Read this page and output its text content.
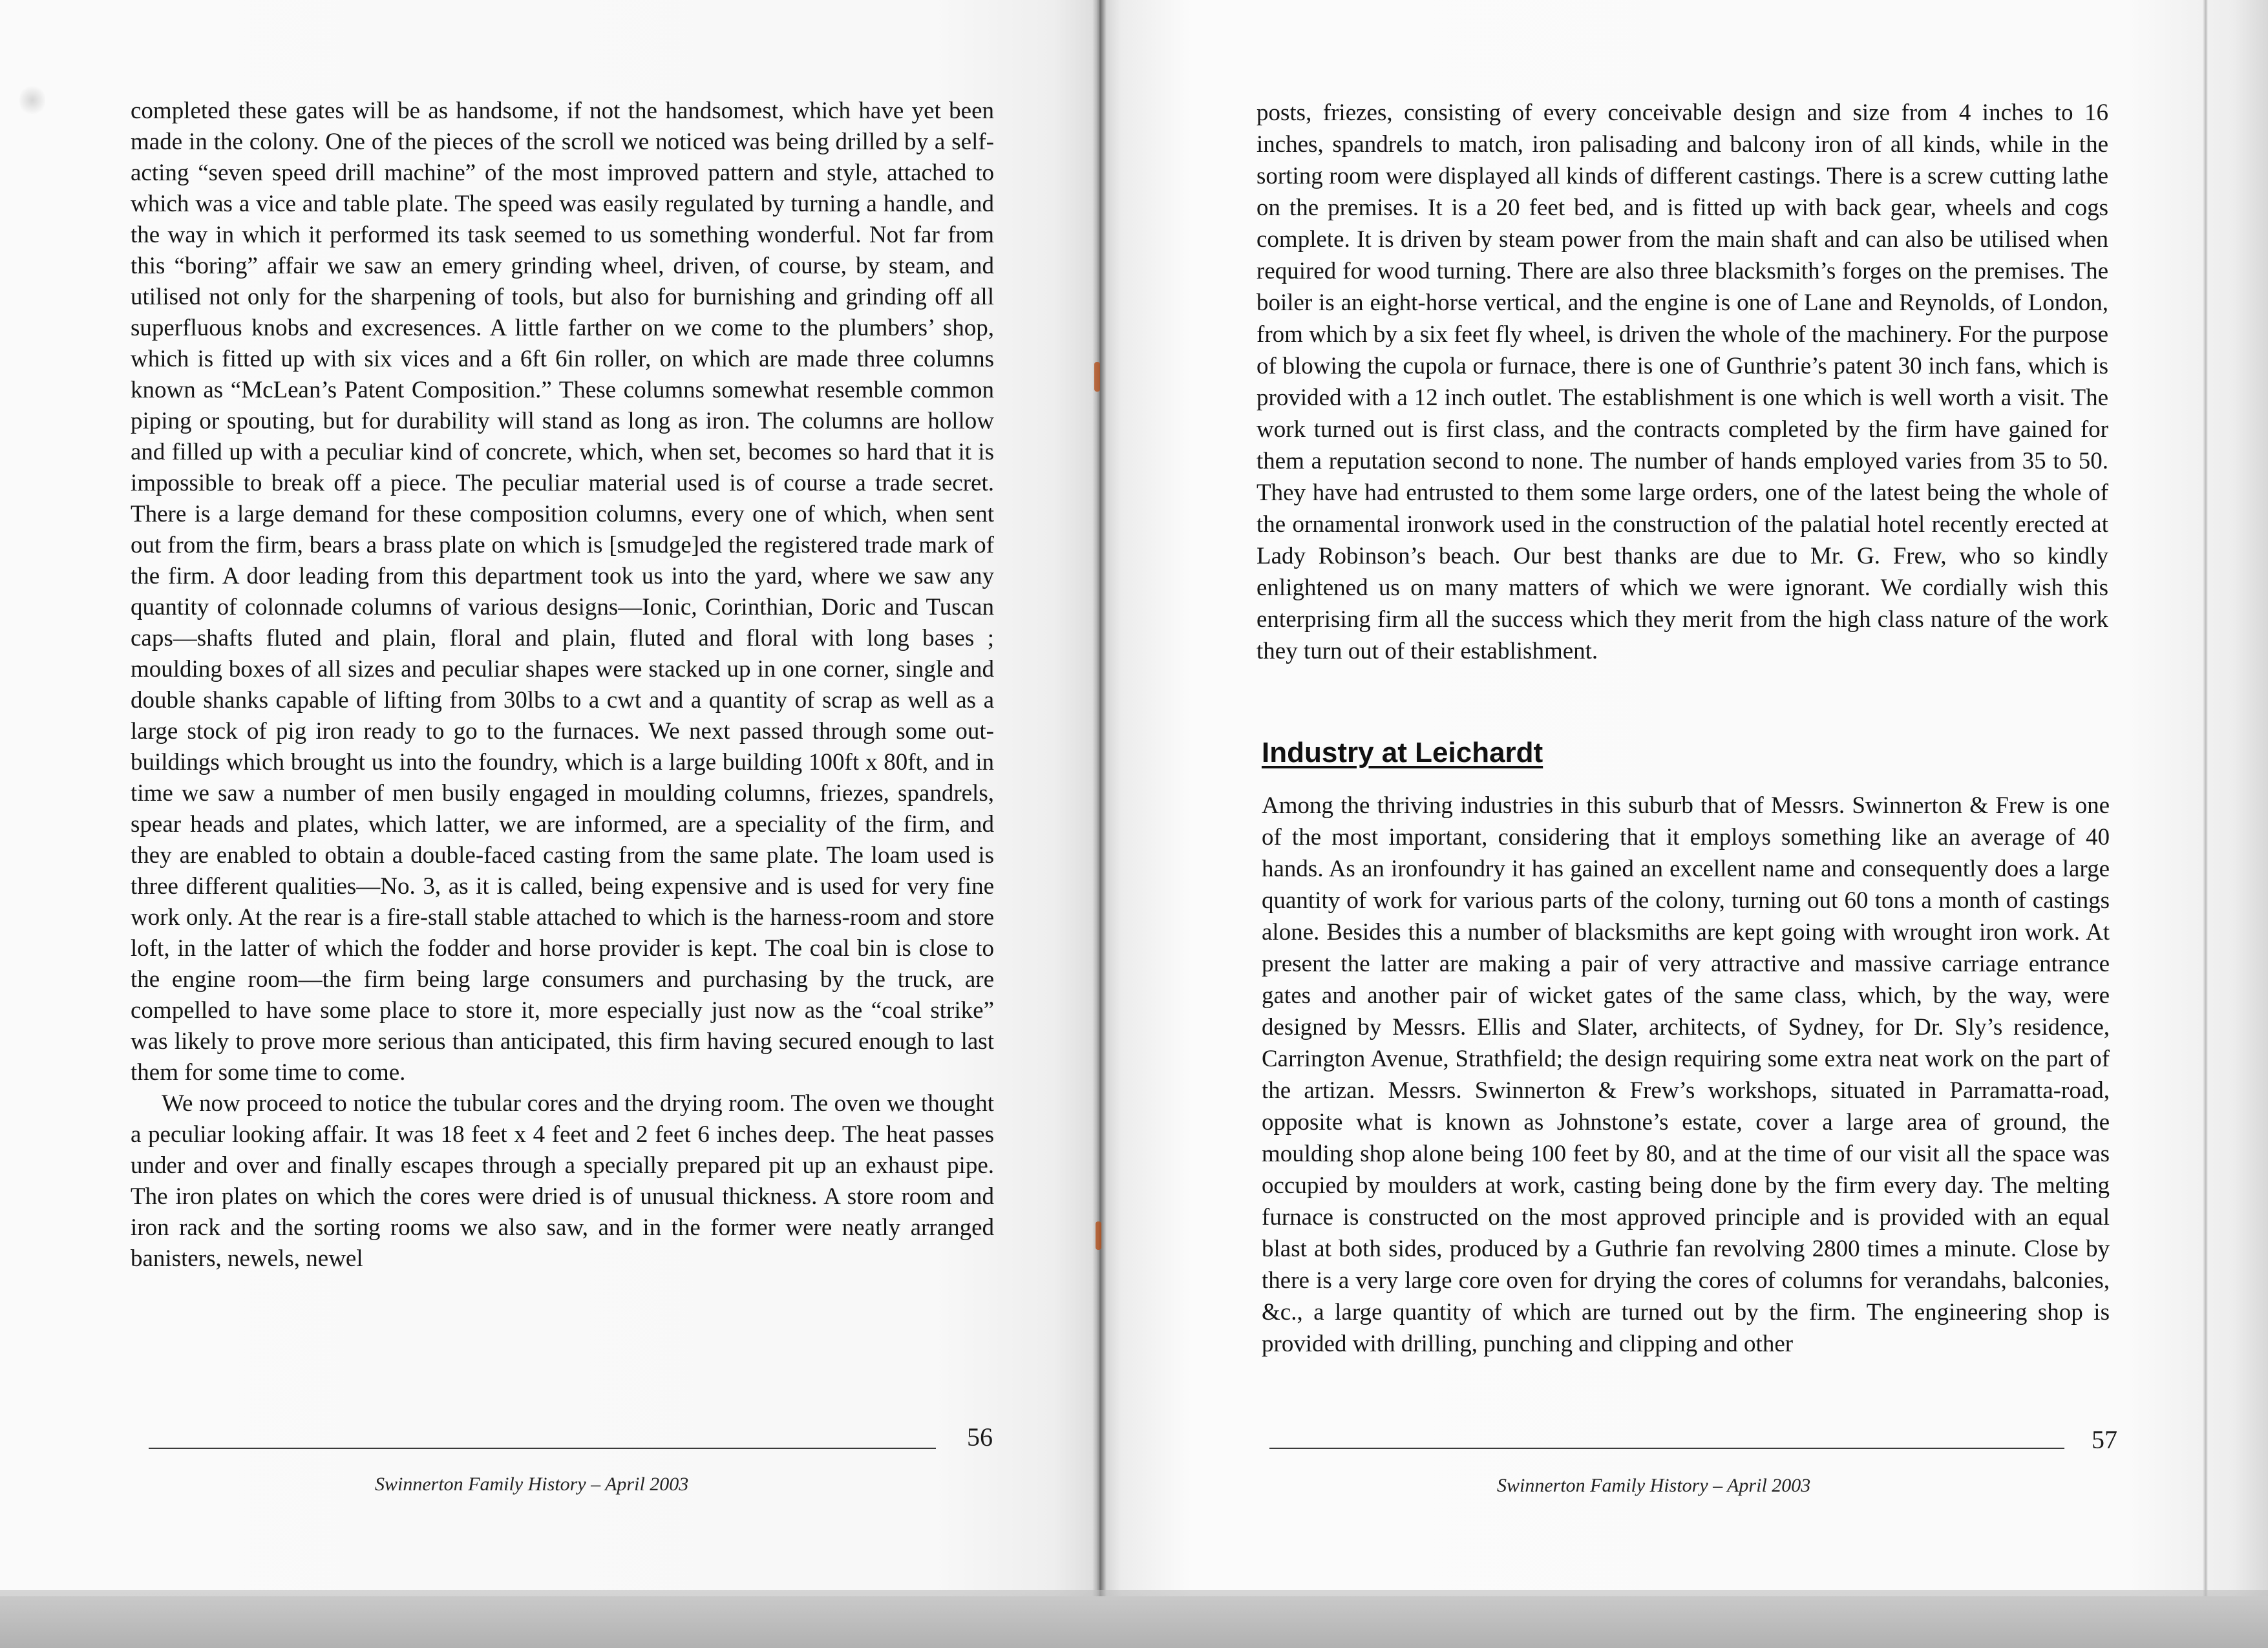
completed these gates will be as handsome, if not the handsomest, which have yet been made in the colony. One of the pieces of the scroll we noticed was being drilled by a self-acting “seven speed drill machine” of the most improved pattern and style, attached to which was a vice and table plate. The speed was easily regulated by turning a handle, and the way in which it performed its task seemed to us something wonderful. Not far from this “boring” affair we saw an emery grinding wheel, driven, of course, by steam, and utilised not only for the sharpening of tools, but also for burnishing and grinding off all superfluous knobs and excresences. A little farther on we come to the plumbers’ shop, which is fitted up with six vices and a 6ft 6in roller, on which are made three columns known as “McLean’s Patent Composition.” These columns somewhat resemble common piping or spouting, but for durability will stand as long as iron. The columns are hollow and filled up with a peculiar kind of concrete, which, when set, becomes so hard that it is impossible to break off a piece. The peculiar material used is of course a trade secret. There is a large demand for these composition columns, every one of which, when sent out from the firm, bears a brass plate on which is [smudge]ed the registered trade mark of the firm. A door leading from this department took us into the yard, where we saw any quantity of colonnade columns of various designs—Ionic, Corinthian, Doric and Tuscan caps—shafts fluted and plain, floral and plain, fluted and floral with long bases ; moulding boxes of all sizes and peculiar shapes were stacked up in one corner, single and double shanks capable of lifting from 30lbs to a cwt and a quantity of scrap as well as a large stock of pig iron ready to go to the furnaces. We next passed through some out-buildings which brought us into the foundry, which is a large building 100ft x 80ft, and in time we saw a number of men busily engaged in moulding columns, friezes, spandrels, spear heads and plates, which latter, we are informed, are a speciality of the firm, and they are enabled to obtain a double-faced casting from the same plate. The loam used is three different qualities—No. 3, as it is called, being expensive and is used for very fine work only. At the rear is a fire-stall stable attached to which is the harness-room and store loft, in the latter of which the fodder and horse provider is kept. The coal bin is close to the engine room—the firm being large consumers and purchasing by the truck, are compelled to have some place to store it, more especially just now as the “coal strike” was likely to prove more serious than anticipated, this firm having secured enough to last them for some time to come.

We now proceed to notice the tubular cores and the drying room. The oven we thought a peculiar looking affair. It was 18 feet x 4 feet and 2 feet 6 inches deep. The heat passes under and over and finally escapes through a specially prepared pit up an exhaust pipe. The iron plates on which the cores were dried is of unusual thickness. A store room and iron rack and the sorting rooms we also saw, and in the former were neatly arranged banisters, newels, newel

56
Swinnerton Family History – April 2003

posts, friezes, consisting of every conceivable design and size from 4 inches to 16 inches, spandrels to match, iron palisading and balcony iron of all kinds, while in the sorting room were displayed all kinds of different castings. There is a screw cutting lathe on the premises. It is a 20 feet bed, and is fitted up with back gear, wheels and cogs complete. It is driven by steam power from the main shaft and can also be utilised when required for wood turning. There are also three blacksmith’s forges on the premises. The boiler is an eight-horse vertical, and the engine is one of Lane and Reynolds, of London, from which by a six feet fly wheel, is driven the whole of the machinery. For the purpose of blowing the cupola or furnace, there is one of Gunthrie’s patent 30 inch fans, which is provided with a 12 inch outlet. The establishment is one which is well worth a visit. The work turned out is first class, and the contracts completed by the firm have gained for them a reputation second to none. The number of hands employed varies from 35 to 50. They have had entrusted to them some large orders, one of the latest being the whole of the ornamental ironwork used in the construction of the palatial hotel recently erected at Lady Robinson’s beach. Our best thanks are due to Mr. G. Frew, who so kindly enlightened us on many matters of which we were ignorant. We cordially wish this enterprising firm all the success which they merit from the high class nature of the work they turn out of their establishment.

Industry at Leichardt

Among the thriving industries in this suburb that of Messrs. Swinnerton & Frew is one of the most important, considering that it employs something like an average of 40 hands. As an ironfoundry it has gained an excellent name and consequently does a large quantity of work for various parts of the colony, turning out 60 tons a month of castings alone. Besides this a number of blacksmiths are kept going with wrought iron work. At present the latter are making a pair of very attractive and massive carriage entrance gates and another pair of wicket gates of the same class, which, by the way, were designed by Messrs. Ellis and Slater, architects, of Sydney, for Dr. Sly’s residence, Carrington Avenue, Strathfield; the design requiring some extra neat work on the part of the artizan. Messrs. Swinnerton & Frew’s workshops, situated in Parramatta-road, opposite what is known as Johnstone’s estate, cover a large area of ground, the moulding shop alone being 100 feet by 80, and at the time of our visit all the space was occupied by moulders at work, casting being done by the firm every day. The melting furnace is constructed on the most approved principle and is provided with an equal blast at both sides, produced by a Guthrie fan revolving 2800 times a minute. Close by there is a very large core oven for drying the cores of columns for verandahs, balconies, &c., a large quantity of which are turned out by the firm. The engineering shop is provided with drilling, punching and clipping and other

57
Swinnerton Family History – April 2003
